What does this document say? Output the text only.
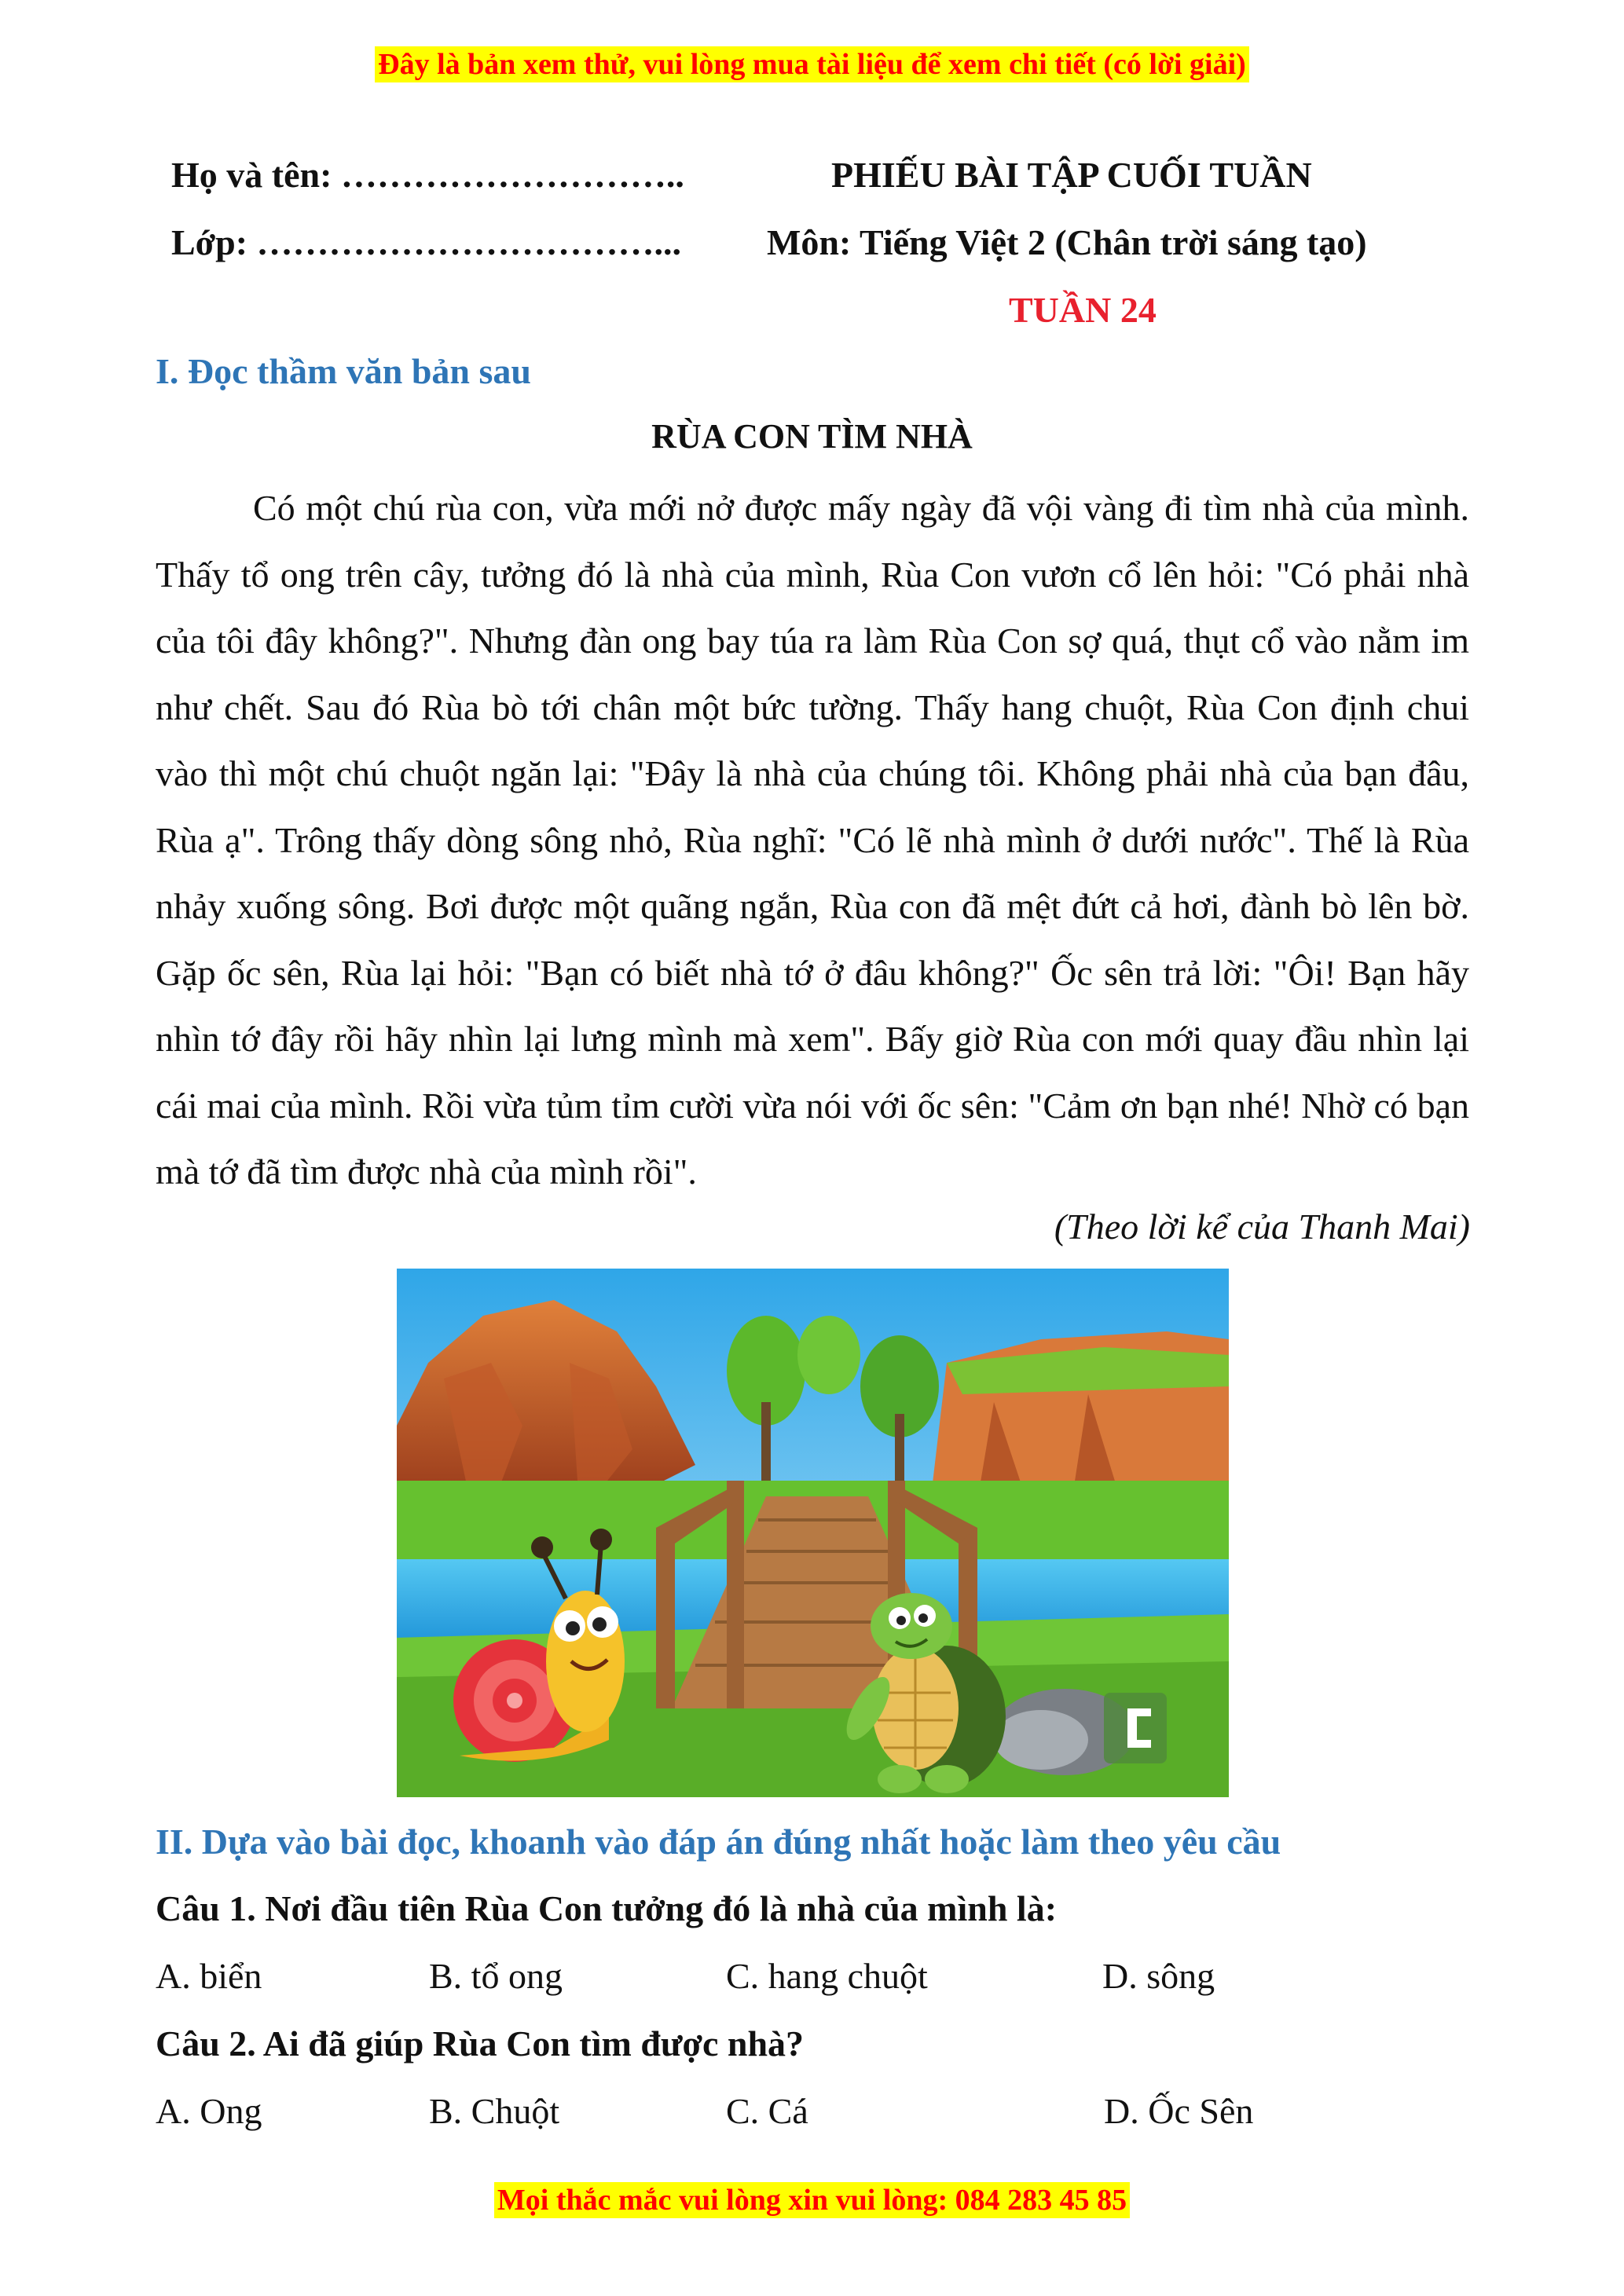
Đây là bản xem thử, vui lòng mua tài liệu để xem chi tiết (có lời giải)
Họ và tên: ………………………..
Lớp: ……………………………...
PHIẾU BÀI TẬP CUỐI TUẦN
Môn: Tiếng Việt 2 (Chân trời sáng tạo)
TUẦN 24
I. Đọc thầm văn bản sau
RÙA CON TÌM NHÀ

Có một chú rùa con, vừa mới nở được mấy ngày đã vội vàng đi tìm nhà của mình. Thấy tổ ong trên cây, tưởng đó là nhà của mình, Rùa Con vươn cổ lên hỏi: "Có phải nhà của tôi đây không?". Nhưng đàn ong bay túa ra làm Rùa Con sợ quá, thụt cổ vào nằm im như chết. Sau đó Rùa bò tới chân một bức tường. Thấy hang chuột, Rùa Con định chui vào thì một chú chuột ngăn lại: "Đây là nhà của chúng tôi. Không phải nhà của bạn đâu, Rùa ạ". Trông thấy dòng sông nhỏ, Rùa nghĩ: "Có lẽ nhà mình ở dưới nước". Thế là Rùa nhảy xuống sông. Bơi được một quãng ngắn, Rùa con đã mệt đứt cả hơi, đành bò lên bờ. Gặp ốc sên, Rùa lại hỏi: "Bạn có biết nhà tớ ở đâu không?" Ốc sên trả lời: "Ôi! Bạn hãy nhìn tớ đây rồi hãy nhìn lại lưng mình mà xem". Bấy giờ Rùa con mới quay đầu nhìn lại cái mai của mình. Rồi vừa tủm tỉm cười vừa nói với ốc sên: "Cảm ơn bạn nhé! Nhờ có bạn mà tớ đã tìm được nhà của mình rồi".

(Theo lời kể của Thanh Mai)
II. Dựa vào bài đọc, khoanh vào đáp án đúng nhất hoặc làm theo yêu cầu
Câu 1. Nơi đầu tiên Rùa Con tưởng đó là nhà của mình là:
A. biển	B. tổ ong	C. hang chuột	D. sông
Câu 2. Ai đã giúp Rùa Con tìm được nhà?
A. Ong	B. Chuột	C. Cá	D. Ốc Sên
Mọi thắc mắc vui lòng xin vui lòng: 084 283 45 85
